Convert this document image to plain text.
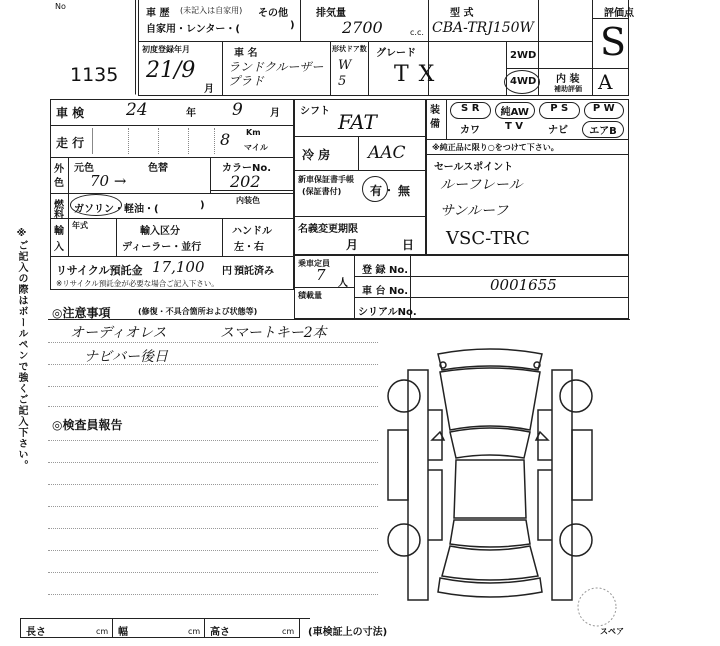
※ご記入の際はボールペンで強くご記入下さい。
No
1135
車 歴 (未記入は自家用) その他
自家用・レンター・(	)
排気量
2700	c.c.
型 式
CBA-TRJ150W
評価点
S
初度登録年月
21/9
月
車 名
ランドクルーザープラド
形状ドア数
W 5
グレード
TX
2WD
4WD 内 装
補助評価 A
車 検 24	年 9	月
走 行	8 Km
マイル
外
色
元色	色替
70 →
カラーNo.
202
内装色
燃
料
ガソリン・軽油・(	)
輸
入
年式
輸入区分
ディーラー・並行
ハンドル
左・右
リサイクル預託金 17,100 円 預託済み
※リサイクル預託金が必要な場合ご記入下さい。
シフト FAT
冷 房 AAC
新車保証書手帳
(保証書付) 有 ・ 無
名義変更期限
月	日
装 備
S R	純AW	P S	P W
カワ	T V	ナビ	エアB
※純正品に限り○をつけて下さい。
セールスポイント
ルーフレール
サンルーフ
VSC-TRC
乗車定員
7 人
積載量
登 録 No.
車 台 No.	0001655
シリアルNo.
◎注意事項	(修復・不具合箇所および状態等)
オーディオレス	スマートキー2本
ナビバー後日
◎検査員報告
スペア
長さ	cm 幅	cm 高さ	cm (車検証上の寸法)
